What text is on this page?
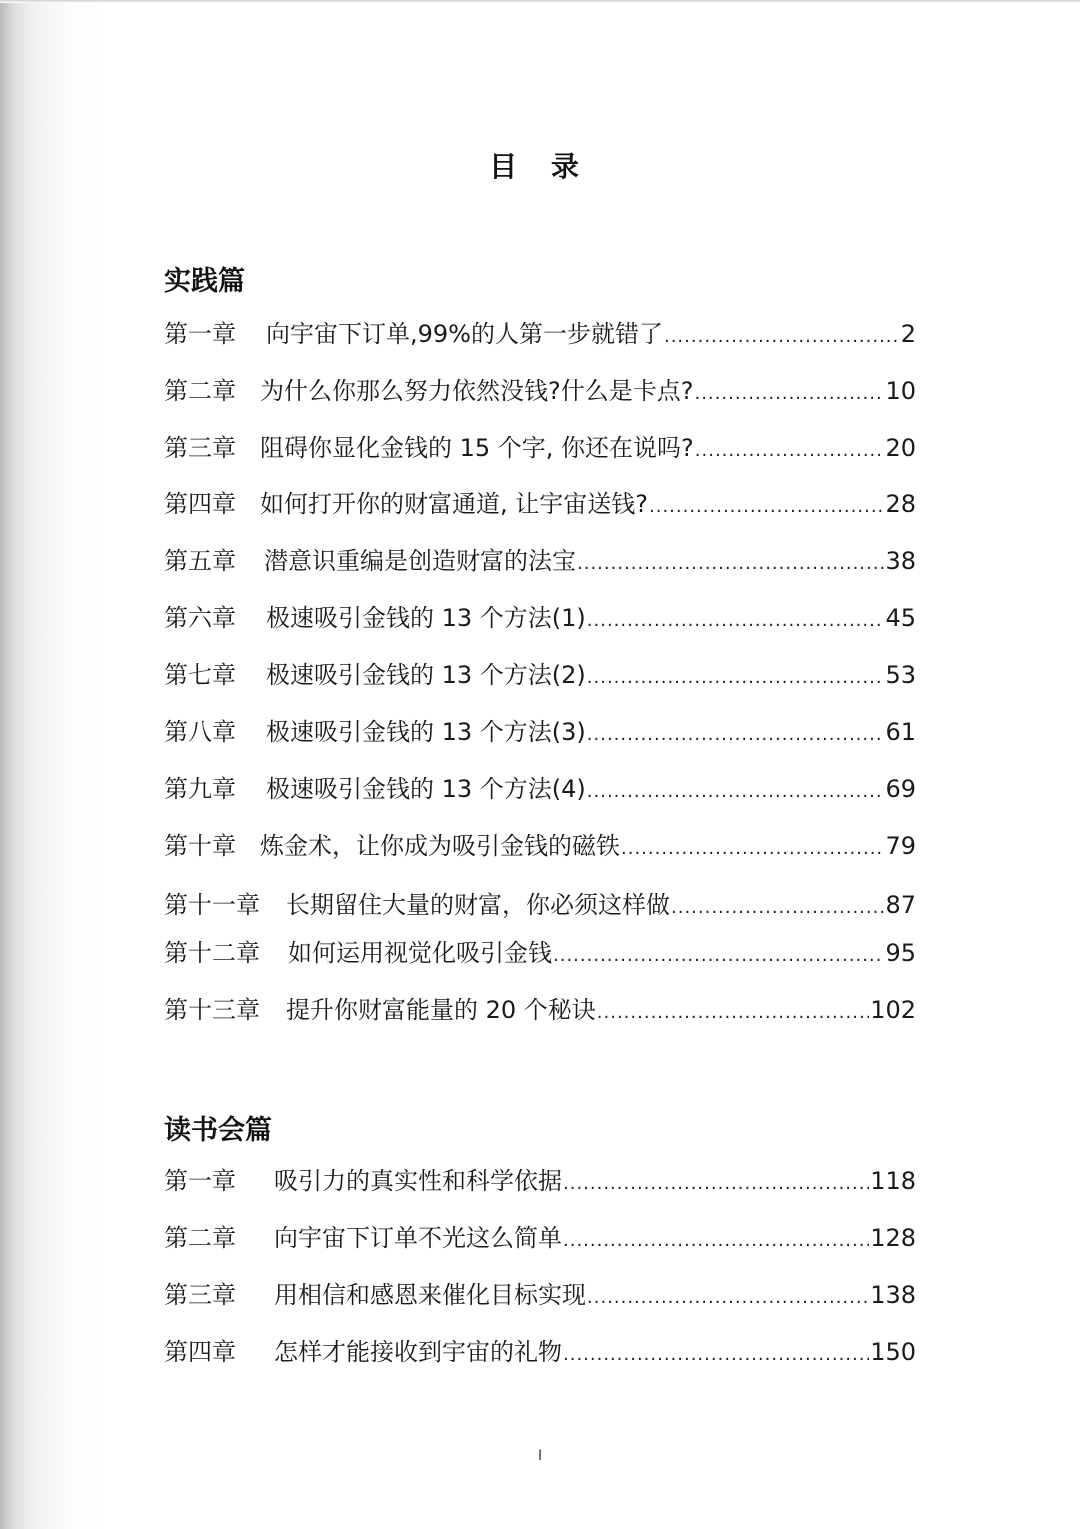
目 录
实践篇
第一章 向宇宙下订单,99%的人第一步就错了 .....	2
第二章 为什么你那么努力依然没钱?什么是卡点? .....	10
第三章 阻碍你显化金钱的 15 个字, 你还在说吗? .....	20
第四章 如何打开你的财富通道, 让宇宙送钱? .....	28
第五章 潜意识重编是创造财富的法宝 .....	38
第六章 极速吸引金钱的 13 个方法(1) .....	45
第七章 极速吸引金钱的 13 个方法(2) .....	53
第八章 极速吸引金钱的 13 个方法(3) .....	61
第九章 极速吸引金钱的 13 个方法(4) .....	69
第十章 炼金术，让你成为吸引金钱的磁铁 .....	79
第十一章 长期留住大量的财富，你必须这样做 .....	87
第十二章 如何运用视觉化吸引金钱 .....	95
第十三章 提升你财富能量的 20 个秘诀 .....	102
读书会篇
第一章 吸引力的真实性和科学依据 .....	118
第二章 向宇宙下订单不光这么简单 .....	128
第三章 用相信和感恩来催化目标实现 .....	138
第四章 怎样才能接收到宇宙的礼物 .....	150
I
